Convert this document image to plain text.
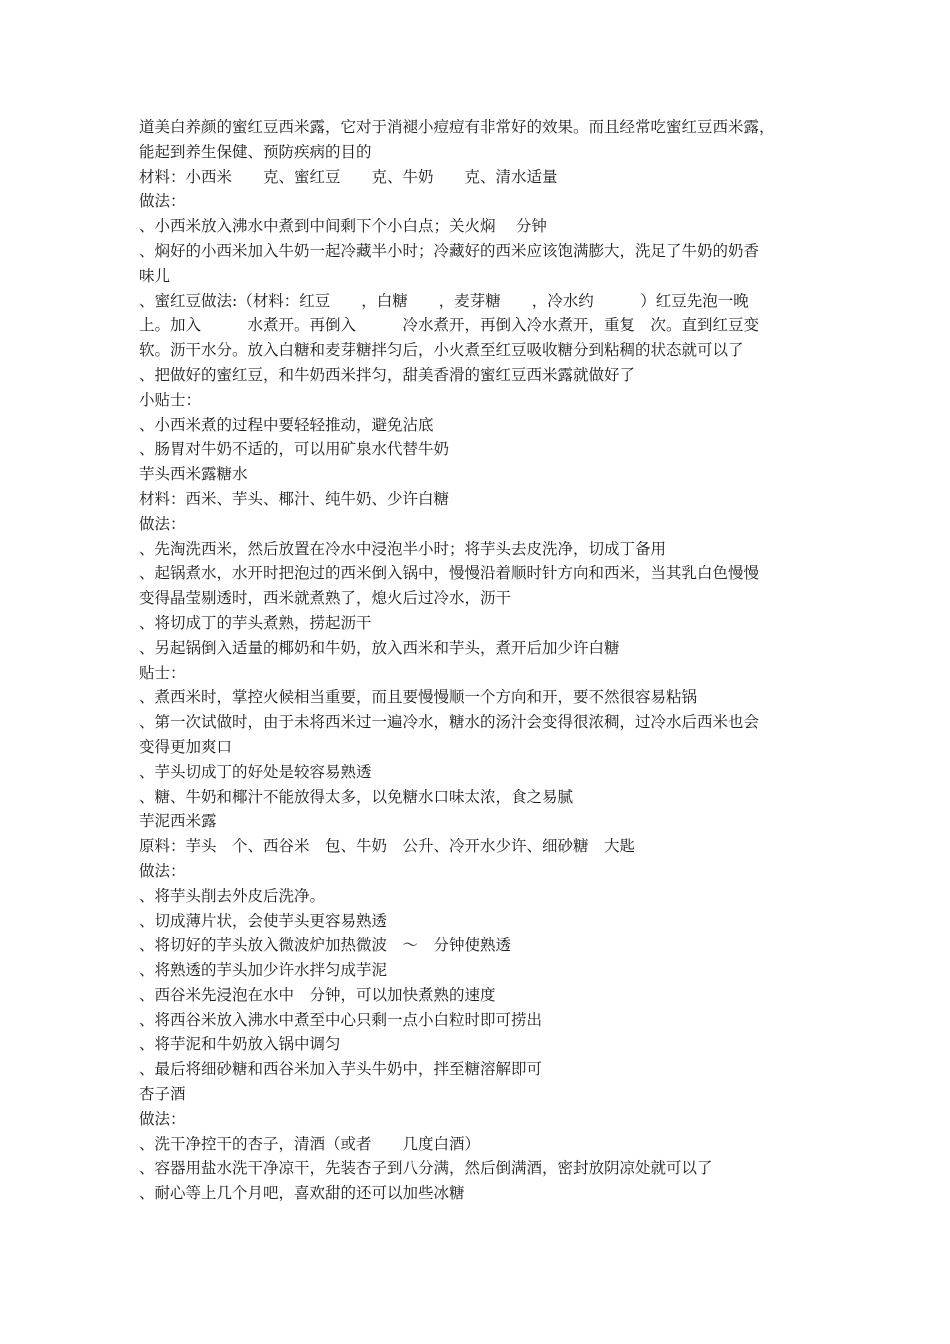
道美白养颜的蜜红豆西米露，它对于消褪小痘痘有非常好的效果。而且经常吃蜜红豆西米露，

能起到养生保健、预防疾病的目的

材料：小西米　　克、蜜红豆　　克、牛奶　　克、清水适量

做法：

、小西米放入沸水中煮到中间剩下个小白点；关火焖　 分钟

、焖好的小西米加入牛奶一起冷藏半小时；冷藏好的西米应该饱满膨大，洗足了牛奶的奶香

味儿

、蜜红豆做法:（材料：红豆　　，白糖　　，麦芽糖　　，冷水约　　　）红豆先泡一晚

上。加入　　　水煮开。再倒入　　　冷水煮开，再倒入冷水煮开，重复　次。直到红豆变

软。沥干水分。放入白糖和麦芽糖拌匀后，小火煮至红豆吸收糖分到粘稠的状态就可以了

、把做好的蜜红豆，和牛奶西米拌匀，甜美香滑的蜜红豆西米露就做好了

小贴士：

、小西米煮的过程中要轻轻推动，避免沾底

、肠胃对牛奶不适的，可以用矿泉水代替牛奶

芋头西米露糖水

材料：西米、芋头、椰汁、纯牛奶、少许白糖

做法：

、先淘洗西米，然后放置在冷水中浸泡半小时；将芋头去皮洗净，切成丁备用

、起锅煮水，水开时把泡过的西米倒入锅中，慢慢沿着顺时针方向和西米，当其乳白色慢慢

变得晶莹剔透时，西米就煮熟了，熄火后过冷水，沥干

、将切成丁的芋头煮熟，捞起沥干

、另起锅倒入适量的椰奶和牛奶，放入西米和芋头，煮开后加少许白糖

贴士：

、煮西米时，掌控火候相当重要，而且要慢慢顺一个方向和开，要不然很容易粘锅

、第一次试做时，由于未将西米过一遍冷水，糖水的汤汁会变得很浓稠，过冷水后西米也会

变得更加爽口

、芋头切成丁的好处是较容易熟透

、糖、牛奶和椰汁不能放得太多，以免糖水口味太浓，食之易腻

芋泥西米露

原料：芋头　个、西谷米　包、牛奶　公升、冷开水少许、细砂糖　大匙

做法：

、将芋头削去外皮后洗净。

、切成薄片状，会使芋头更容易熟透

、将切好的芋头放入微波炉加热微波　～　分钟使熟透

、将熟透的芋头加少许水拌匀成芋泥

、西谷米先浸泡在水中　分钟，可以加快煮熟的速度

、将西谷米放入沸水中煮至中心只剩一点小白粒时即可捞出

、将芋泥和牛奶放入锅中调匀

、最后将细砂糖和西谷米加入芋头牛奶中，拌至糖溶解即可

杏子酒

做法：

、洗干净控干的杏子，清酒（或者　　几度白酒）

、容器用盐水洗干净凉干，先装杏子到八分满，然后倒满酒，密封放阴凉处就可以了

、耐心等上几个月吧，喜欢甜的还可以加些冰糖
